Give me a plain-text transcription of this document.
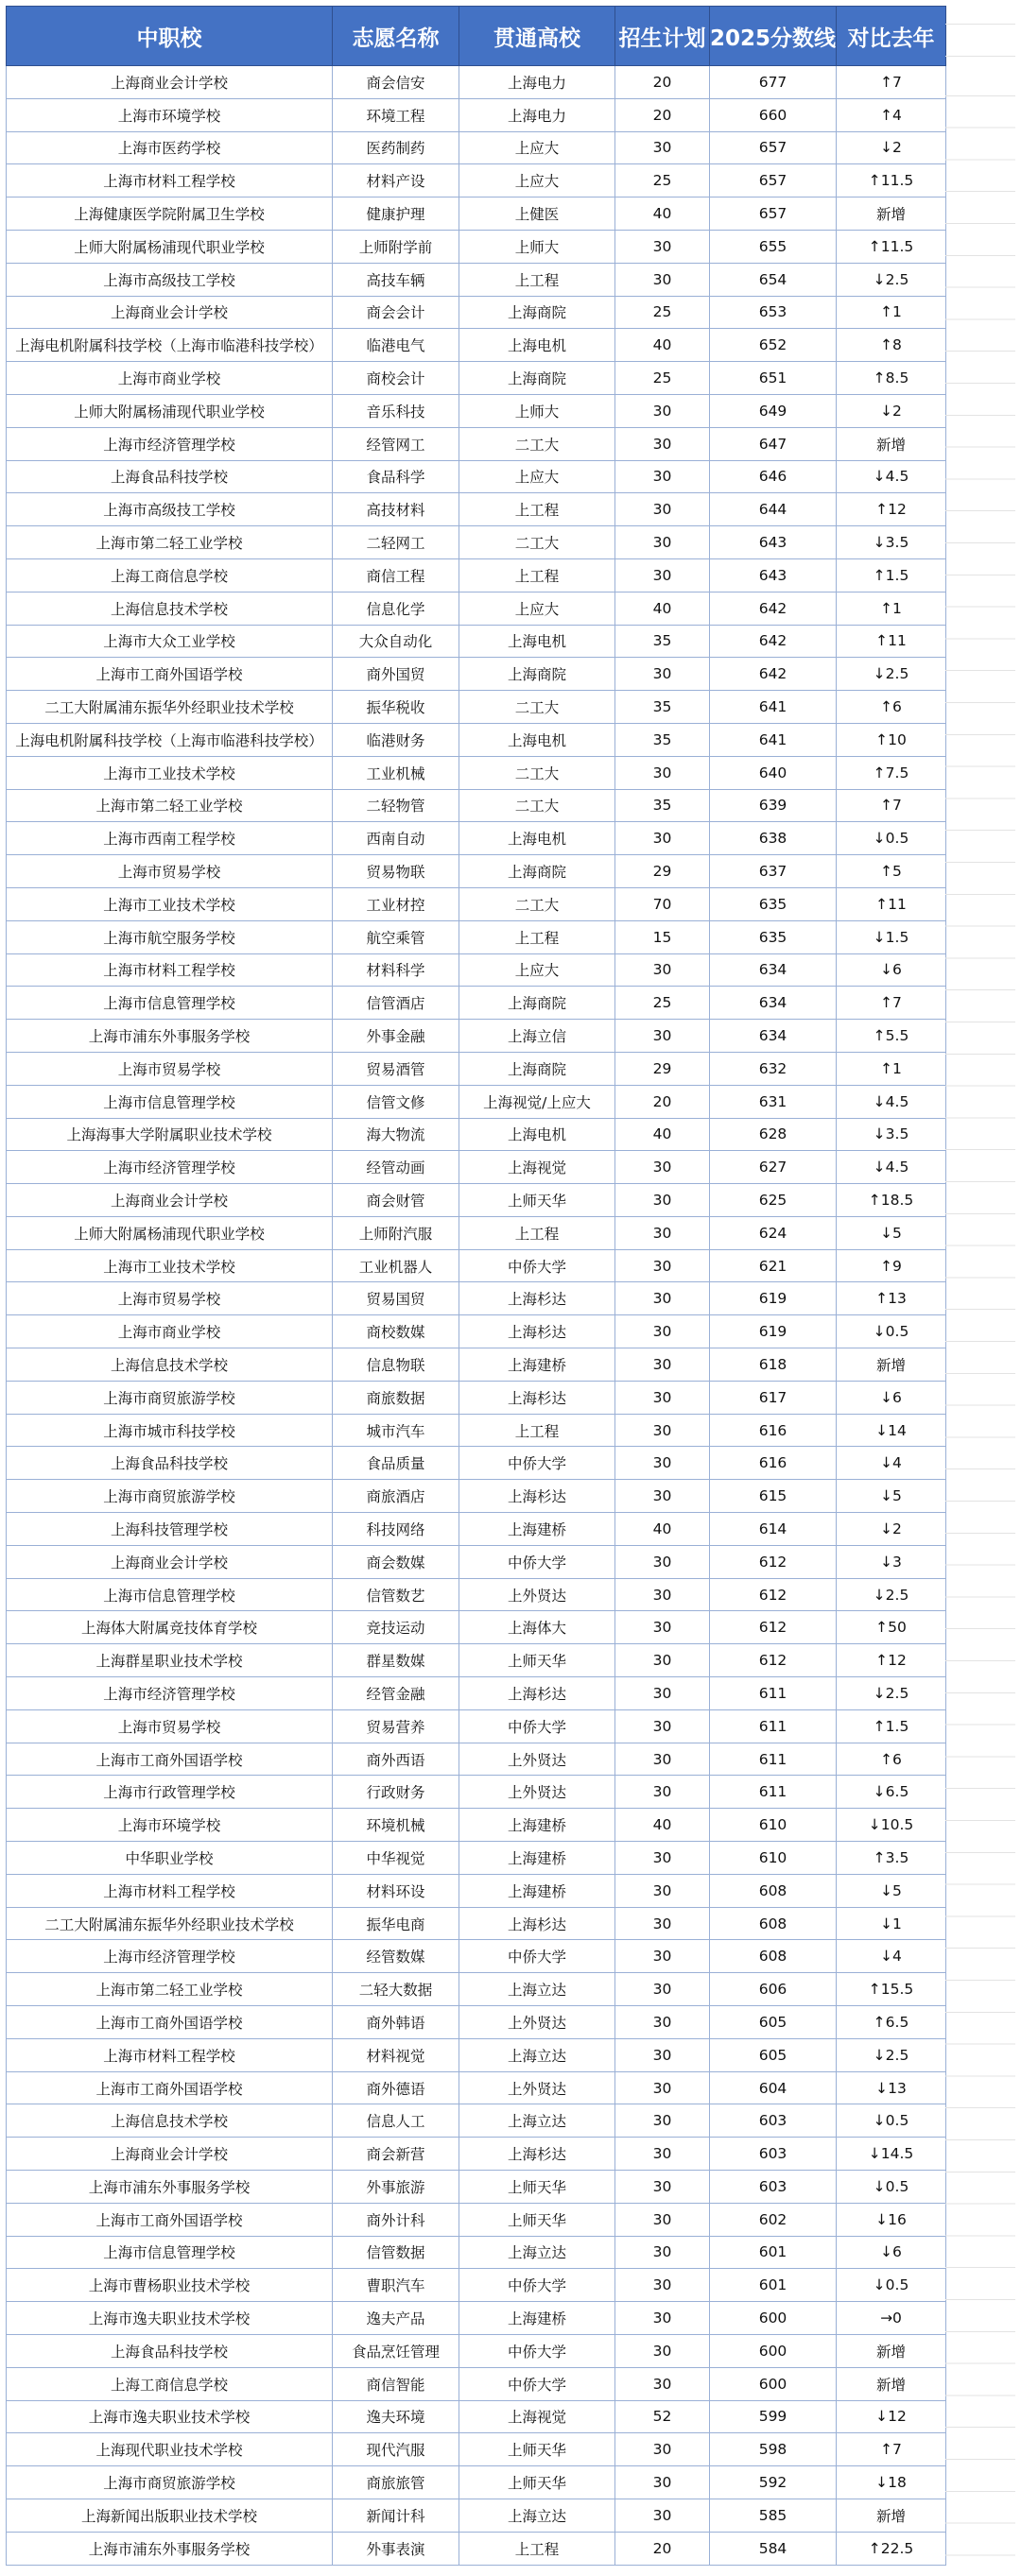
中职校	志愿名称	贯通高校	招生计划	2025分数线	对比去年
上海商业会计学校	商会信安	上海电力	20	677	↑7
上海市环境学校	环境工程	上海电力	20	660	↑4
上海市医药学校	医药制药	上应大	30	657	↓2
上海市材料工程学校	材料产设	上应大	25	657	↑11.5
上海健康医学院附属卫生学校	健康护理	上健医	40	657	新增
上师大附属杨浦现代职业学校	上师附学前	上师大	30	655	↑11.5
上海市高级技工学校	高技车辆	上工程	30	654	↓2.5
上海商业会计学校	商会会计	上海商院	25	653	↑1
上海电机附属科技学校（上海市临港科技学校）	临港电气	上海电机	40	652	↑8
上海市商业学校	商校会计	上海商院	25	651	↑8.5
上师大附属杨浦现代职业学校	音乐科技	上师大	30	649	↓2
上海市经济管理学校	经管网工	二工大	30	647	新增
上海食品科技学校	食品科学	上应大	30	646	↓4.5
上海市高级技工学校	高技材料	上工程	30	644	↑12
上海市第二轻工业学校	二轻网工	二工大	30	643	↓3.5
上海工商信息学校	商信工程	上工程	30	643	↑1.5
上海信息技术学校	信息化学	上应大	40	642	↑1
上海市大众工业学校	大众自动化	上海电机	35	642	↑11
上海市工商外国语学校	商外国贸	上海商院	30	642	↓2.5
二工大附属浦东振华外经职业技术学校	振华税收	二工大	35	641	↑6
上海电机附属科技学校（上海市临港科技学校）	临港财务	上海电机	35	641	↑10
上海市工业技术学校	工业机械	二工大	30	640	↑7.5
上海市第二轻工业学校	二轻物管	二工大	35	639	↑7
上海市西南工程学校	西南自动	上海电机	30	638	↓0.5
上海市贸易学校	贸易物联	上海商院	29	637	↑5
上海市工业技术学校	工业材控	二工大	70	635	↑11
上海市航空服务学校	航空乘管	上工程	15	635	↓1.5
上海市材料工程学校	材料科学	上应大	30	634	↓6
上海市信息管理学校	信管酒店	上海商院	25	634	↑7
上海市浦东外事服务学校	外事金融	上海立信	30	634	↑5.5
上海市贸易学校	贸易酒管	上海商院	29	632	↑1
上海市信息管理学校	信管文修	上海视觉/上应大	20	631	↓4.5
上海海事大学附属职业技术学校	海大物流	上海电机	40	628	↓3.5
上海市经济管理学校	经管动画	上海视觉	30	627	↓4.5
上海商业会计学校	商会财管	上师天华	30	625	↑18.5
上师大附属杨浦现代职业学校	上师附汽服	上工程	30	624	↓5
上海市工业技术学校	工业机器人	中侨大学	30	621	↑9
上海市贸易学校	贸易国贸	上海杉达	30	619	↑13
上海市商业学校	商校数媒	上海杉达	30	619	↓0.5
上海信息技术学校	信息物联	上海建桥	30	618	新增
上海市商贸旅游学校	商旅数据	上海杉达	30	617	↓6
上海市城市科技学校	城市汽车	上工程	30	616	↓14
上海食品科技学校	食品质量	中侨大学	30	616	↓4
上海市商贸旅游学校	商旅酒店	上海杉达	30	615	↓5
上海科技管理学校	科技网络	上海建桥	40	614	↓2
上海商业会计学校	商会数媒	中侨大学	30	612	↓3
上海市信息管理学校	信管数艺	上外贤达	30	612	↓2.5
上海体大附属竞技体育学校	竞技运动	上海体大	30	612	↑50
上海群星职业技术学校	群星数媒	上师天华	30	612	↑12
上海市经济管理学校	经管金融	上海杉达	30	611	↓2.5
上海市贸易学校	贸易营养	中侨大学	30	611	↑1.5
上海市工商外国语学校	商外西语	上外贤达	30	611	↑6
上海市行政管理学校	行政财务	上外贤达	30	611	↓6.5
上海市环境学校	环境机械	上海建桥	40	610	↓10.5
中华职业学校	中华视觉	上海建桥	30	610	↑3.5
上海市材料工程学校	材料环设	上海建桥	30	608	↓5
二工大附属浦东振华外经职业技术学校	振华电商	上海杉达	30	608	↓1
上海市经济管理学校	经管数媒	中侨大学	30	608	↓4
上海市第二轻工业学校	二轻大数据	上海立达	30	606	↑15.5
上海市工商外国语学校	商外韩语	上外贤达	30	605	↑6.5
上海市材料工程学校	材料视觉	上海立达	30	605	↓2.5
上海市工商外国语学校	商外德语	上外贤达	30	604	↓13
上海信息技术学校	信息人工	上海立达	30	603	↓0.5
上海商业会计学校	商会新营	上海杉达	30	603	↓14.5
上海市浦东外事服务学校	外事旅游	上师天华	30	603	↓0.5
上海市工商外国语学校	商外计科	上师天华	30	602	↓16
上海市信息管理学校	信管数据	上海立达	30	601	↓6
上海市曹杨职业技术学校	曹职汽车	中侨大学	30	601	↓0.5
上海市逸夫职业技术学校	逸夫产品	上海建桥	30	600	→0
上海食品科技学校	食品烹饪管理	中侨大学	30	600	新增
上海工商信息学校	商信智能	中侨大学	30	600	新增
上海市逸夫职业技术学校	逸夫环境	上海视觉	52	599	↓12
上海现代职业技术学校	现代汽服	上师天华	30	598	↑7
上海市商贸旅游学校	商旅旅管	上师天华	30	592	↓18
上海新闻出版职业技术学校	新闻计科	上海立达	30	585	新增
上海市浦东外事服务学校	外事表演	上工程	20	584	↑22.5
